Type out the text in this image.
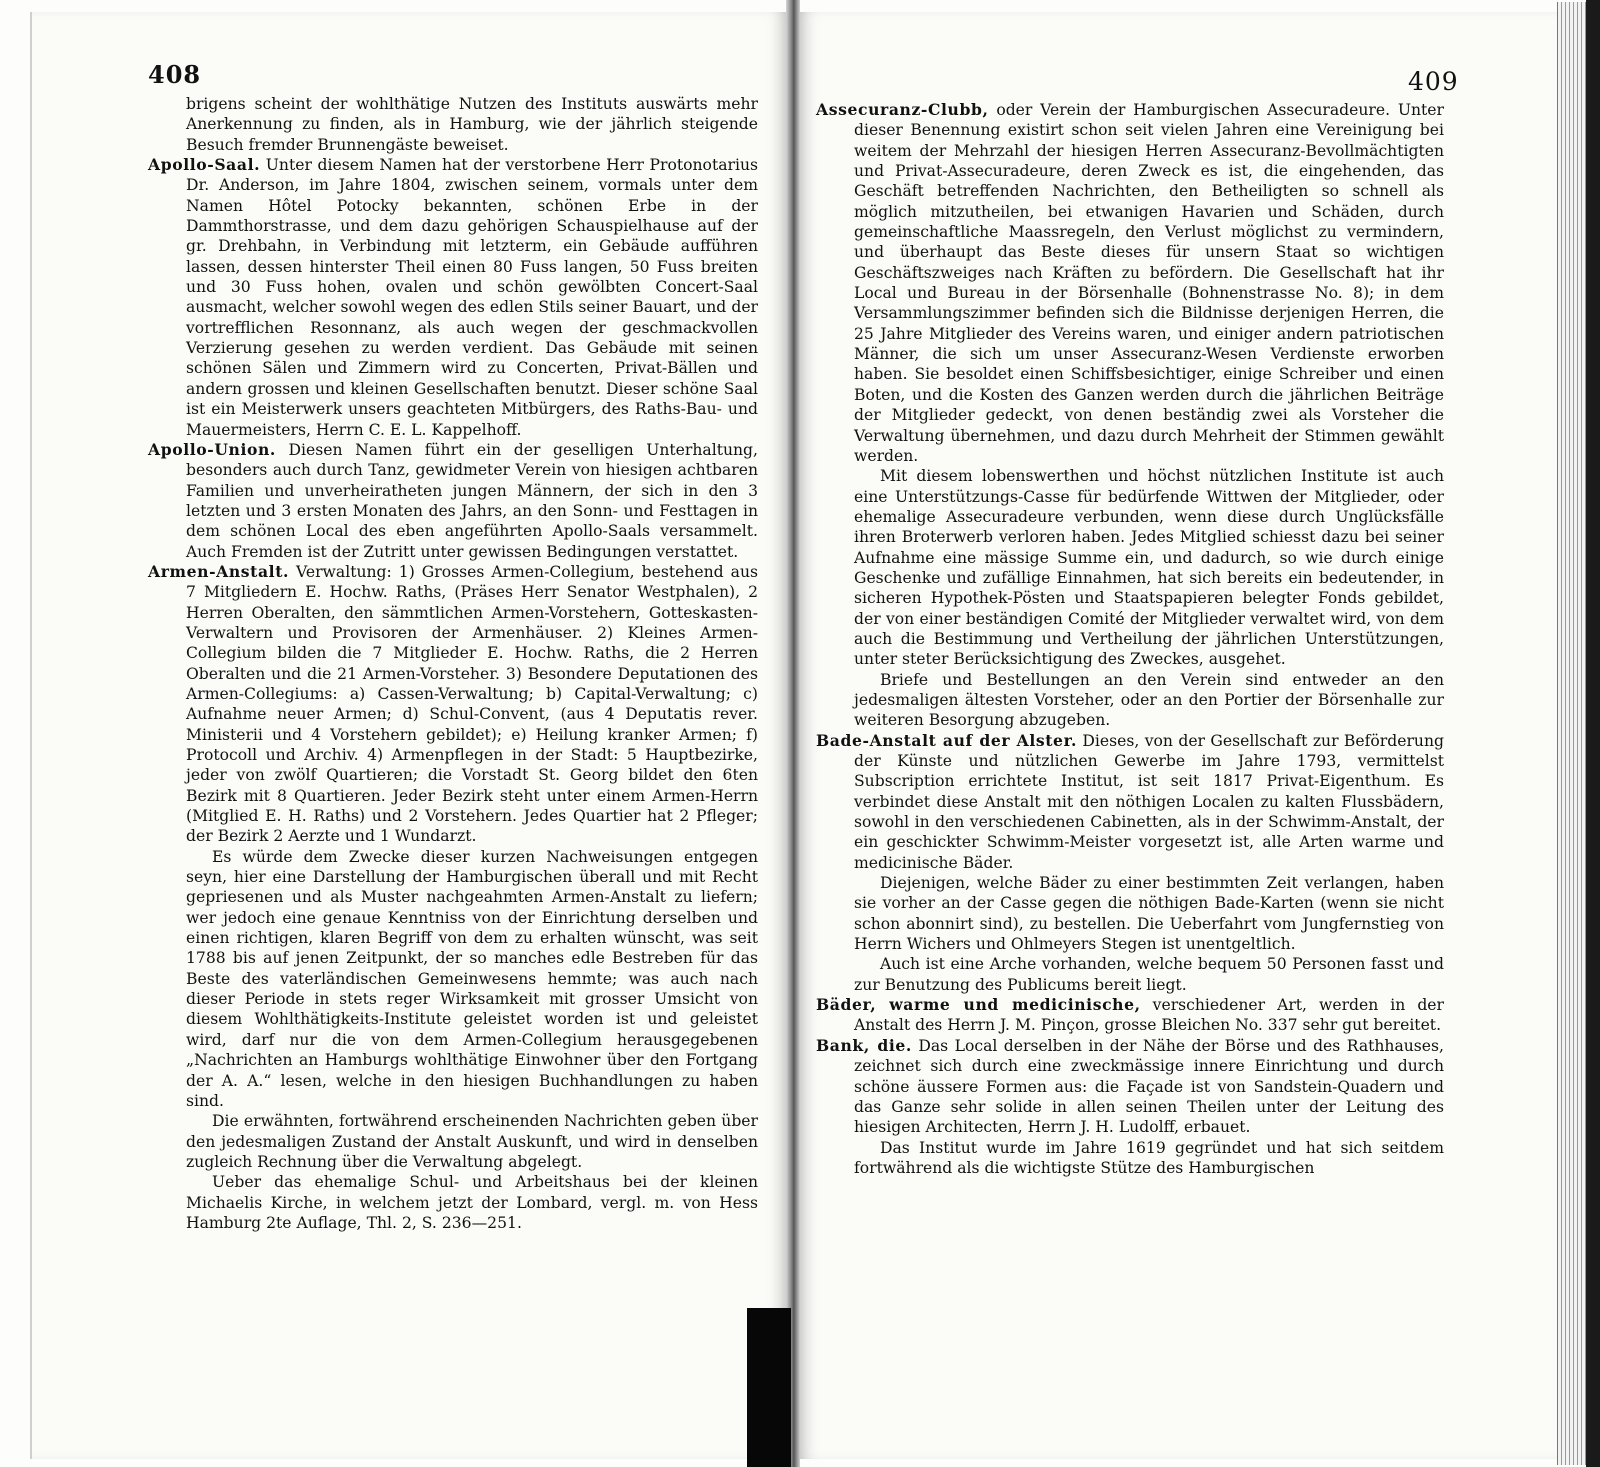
408

brigens scheint der wohlthätige Nutzen des Instituts auswärts mehr Anerkennung zu finden, als in Hamburg, wie der jährlich steigende Besuch fremder Brunnengäste beweiset.

Apollo-Saal. Unter diesem Namen hat der verstorbene Herr Protonotarius Dr. Anderson, im Jahre 1804, zwischen seinem, vormals unter dem Namen Hôtel Potocky bekannten, schönen Erbe in der Dammthorstrasse, und dem dazu gehörigen Schauspielhause auf der gr. Drehbahn, in Verbindung mit letzterm, ein Gebäude aufführen lassen, dessen hinterster Theil einen 80 Fuss langen, 50 Fuss breiten und 30 Fuss hohen, ovalen und schön gewölbten Concert-Saal ausmacht, welcher sowohl wegen des edlen Stils seiner Bauart, und der vortrefflichen Resonnanz, als auch wegen der geschmackvollen Verzierung gesehen zu werden verdient. Das Gebäude mit seinen schönen Sälen und Zimmern wird zu Concerten, Privat-Bällen und andern grossen und kleinen Gesellschaften benutzt. Dieser schöne Saal ist ein Meisterwerk unsers geachteten Mitbürgers, des Raths-Bau- und Mauermeisters, Herrn C. E. L. Kappelhoff.

Apollo-Union. Diesen Namen führt ein der geselligen Unterhaltung, besonders auch durch Tanz, gewidmeter Verein von hiesigen achtbaren Familien und unverheiratheten jungen Männern, der sich in den 3 letzten und 3 ersten Monaten des Jahrs, an den Sonn- und Festtagen in dem schönen Local des eben angeführten Apollo-Saals versammelt. Auch Fremden ist der Zutritt unter gewissen Bedingungen verstattet.

Armen-Anstalt. Verwaltung: 1) Grosses Armen-Collegium, bestehend aus 7 Mitgliedern E. Hochw. Raths, (Präses Herr Senator Westphalen), 2 Herren Oberalten, den sämmtlichen Armen-Vorstehern, Gotteskasten-Verwaltern und Provisoren der Armenhäuser. 2) Kleines Armen-Collegium bilden die 7 Mitglieder E. Hochw. Raths, die 2 Herren Oberalten und die 21 Armen-Vorsteher. 3) Besondere Deputationen des Armen-Collegiums: a) Cassen-Verwaltung; b) Capital-Verwaltung; c) Aufnahme neuer Armen; d) Schul-Convent, (aus 4 Deputatis rever. Ministerii und 4 Vorstehern gebildet); e) Heilung kranker Armen; f) Protocoll und Archiv. 4) Armenpflegen in der Stadt: 5 Hauptbezirke, jeder von zwölf Quartieren; die Vorstadt St. Georg bildet den 6ten Bezirk mit 8 Quartieren. Jeder Bezirk steht unter einem Armen-Herrn (Mitglied E. H. Raths) und 2 Vorstehern. Jedes Quartier hat 2 Pfleger; der Bezirk 2 Aerzte und 1 Wundarzt.

Es würde dem Zwecke dieser kurzen Nachweisungen entgegen seyn, hier eine Darstellung der Hamburgischen überall und mit Recht gepriesenen und als Muster nachgeahmten Armen-Anstalt zu liefern; wer jedoch eine genaue Kenntniss von der Einrichtung derselben und einen richtigen, klaren Begriff von dem zu erhalten wünscht, was seit 1788 bis auf jenen Zeitpunkt, der so manches edle Bestreben für das Beste des vaterländischen Gemeinwesens hemmte; was auch nach dieser Periode in stets reger Wirksamkeit mit grosser Umsicht von diesem Wohlthätigkeits-Institute geleistet worden ist und geleistet wird, darf nur die von dem Armen-Collegium herausgegebenen „Nachrichten an Hamburgs wohlthätige Einwohner über den Fortgang der A. A.“ lesen, welche in den hiesigen Buchhandlungen zu haben sind.

Die erwähnten, fortwährend erscheinenden Nachrichten geben über den jedesmaligen Zustand der Anstalt Auskunft, und wird in denselben zugleich Rechnung über die Verwaltung abgelegt.

Ueber das ehemalige Schul- und Arbeitshaus bei der kleinen Michaelis Kirche, in welchem jetzt der Lombard, vergl. m. von Hess Hamburg 2te Auflage, Thl. 2, S. 236—251.

409

Assecuranz-Clubb, oder Verein der Hamburgischen Assecuradeure. Unter dieser Benennung existirt schon seit vielen Jahren eine Vereinigung bei weitem der Mehrzahl der hiesigen Herren Assecuranz-Bevollmächtigten und Privat-Assecuradeure, deren Zweck es ist, die eingehenden, das Geschäft betreffenden Nachrichten, den Betheiligten so schnell als möglich mitzutheilen, bei etwanigen Havarien und Schäden, durch gemeinschaftliche Maassregeln, den Verlust möglichst zu vermindern, und überhaupt das Beste dieses für unsern Staat so wichtigen Geschäftszweiges nach Kräften zu befördern. Die Gesellschaft hat ihr Local und Bureau in der Börsenhalle (Bohnenstrasse No. 8); in dem Versammlungszimmer befinden sich die Bildnisse derjenigen Herren, die 25 Jahre Mitglieder des Vereins waren, und einiger andern patriotischen Männer, die sich um unser Assecuranz-Wesen Verdienste erworben haben. Sie besoldet einen Schiffsbesichtiger, einige Schreiber und einen Boten, und die Kosten des Ganzen werden durch die jährlichen Beiträge der Mitglieder gedeckt, von denen beständig zwei als Vorsteher die Verwaltung übernehmen, und dazu durch Mehrheit der Stimmen gewählt werden.

Mit diesem lobenswerthen und höchst nützlichen Institute ist auch eine Unterstützungs-Casse für bedürfende Wittwen der Mitglieder, oder ehemalige Assecuradeure verbunden, wenn diese durch Unglücksfälle ihren Broterwerb verloren haben. Jedes Mitglied schiesst dazu bei seiner Aufnahme eine mässige Summe ein, und dadurch, so wie durch einige Geschenke und zufällige Einnahmen, hat sich bereits ein bedeutender, in sicheren Hypothek-Pösten und Staatspapieren belegter Fonds gebildet, der von einer beständigen Comité der Mitglieder verwaltet wird, von dem auch die Bestimmung und Vertheilung der jährlichen Unterstützungen, unter steter Berücksichtigung des Zweckes, ausgehet.

Briefe und Bestellungen an den Verein sind entweder an den jedesmaligen ältesten Vorsteher, oder an den Portier der Börsenhalle zur weiteren Besorgung abzugeben.

Bade-Anstalt auf der Alster. Dieses, von der Gesellschaft zur Beförderung der Künste und nützlichen Gewerbe im Jahre 1793, vermittelst Subscription errichtete Institut, ist seit 1817 Privat-Eigenthum. Es verbindet diese Anstalt mit den nöthigen Localen zu kalten Flussbädern, sowohl in den verschiedenen Cabinetten, als in der Schwimm-Anstalt, der ein geschickter Schwimm-Meister vorgesetzt ist, alle Arten warme und medicinische Bäder.

Diejenigen, welche Bäder zu einer bestimmten Zeit verlangen, haben sie vorher an der Casse gegen die nöthigen Bade-Karten (wenn sie nicht schon abonnirt sind), zu bestellen. Die Ueberfahrt vom Jungfernstieg von Herrn Wichers und Ohlmeyers Stegen ist unentgeltlich.

Auch ist eine Arche vorhanden, welche bequem 50 Personen fasst und zur Benutzung des Publicums bereit liegt.

Bäder, warme und medicinische, verschiedener Art, werden in der Anstalt des Herrn J. M. Pinçon, grosse Bleichen No. 337 sehr gut bereitet.

Bank, die. Das Local derselben in der Nähe der Börse und des Rathhauses, zeichnet sich durch eine zweckmässige innere Einrichtung und durch schöne äussere Formen aus: die Façade ist von Sandstein-Quadern und das Ganze sehr solide in allen seinen Theilen unter der Leitung des hiesigen Architecten, Herrn J. H. Ludolff, erbauet.

Das Institut wurde im Jahre 1619 gegründet und hat sich seitdem fortwährend als die wichtigste Stütze des Hamburgischen
